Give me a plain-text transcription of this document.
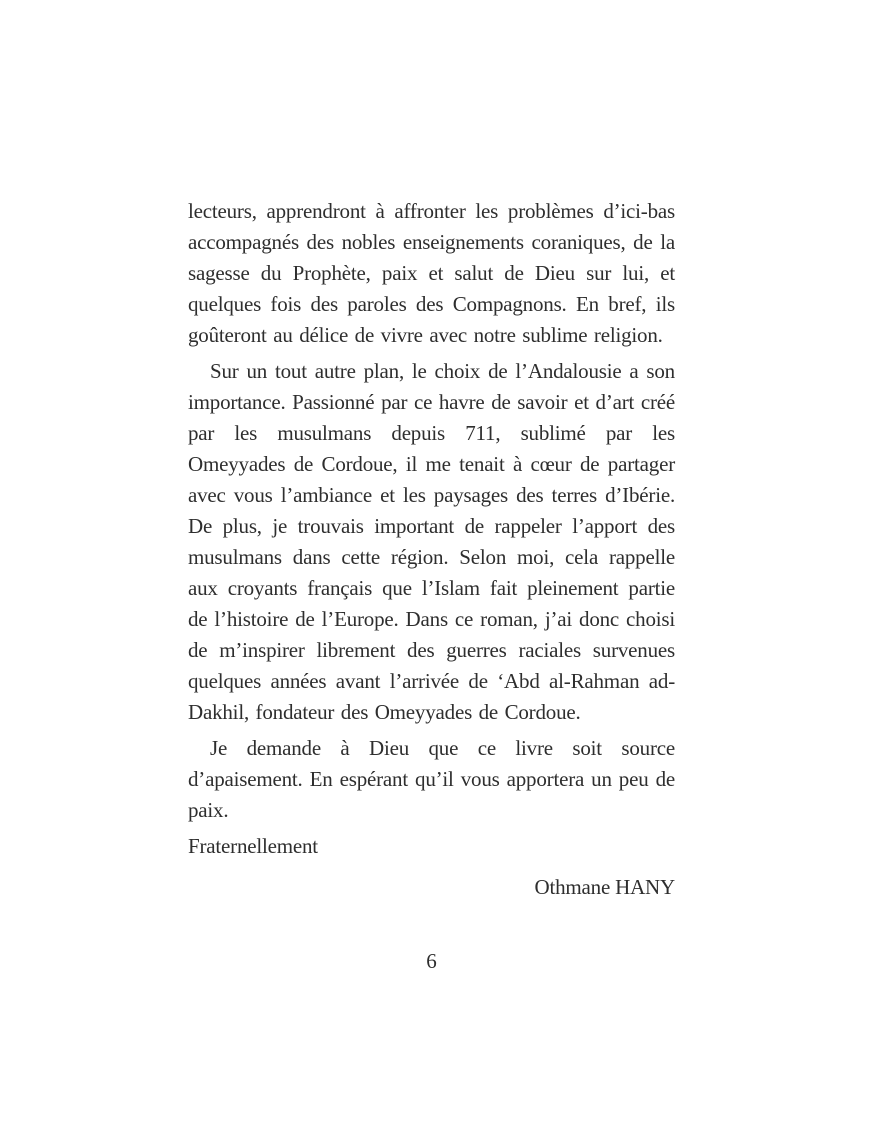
lecteurs, apprendront à affronter les problèmes d’ici-bas accompagnés des nobles enseignements coraniques, de la sagesse du Prophète, paix et salut de Dieu sur lui, et quelques fois des paroles des Compagnons. En bref, ils goûteront au délice de vivre avec notre sublime religion.

Sur un tout autre plan, le choix de l’Andalousie a son importance. Passionné par ce havre de savoir et d’art créé par les musulmans depuis 711, sublimé par les Omeyyades de Cordoue, il me tenait à cœur de partager avec vous l’ambiance et les paysages des terres d’Ibérie. De plus, je trouvais important de rappeler l’apport des musulmans dans cette région. Selon moi, cela rappelle aux croyants français que l’Islam fait pleinement partie de l’histoire de l’Europe. Dans ce roman, j’ai donc choisi de m’inspirer librement des guerres raciales survenues quelques années avant l’arrivée de ‘Abd al-Rahman ad-Dakhil, fondateur des Omeyyades de Cordoue.

Je demande à Dieu que ce livre soit source d’apaisement. En espérant qu’il vous apportera un peu de paix.

Fraternellement

Othmane HANY

6
